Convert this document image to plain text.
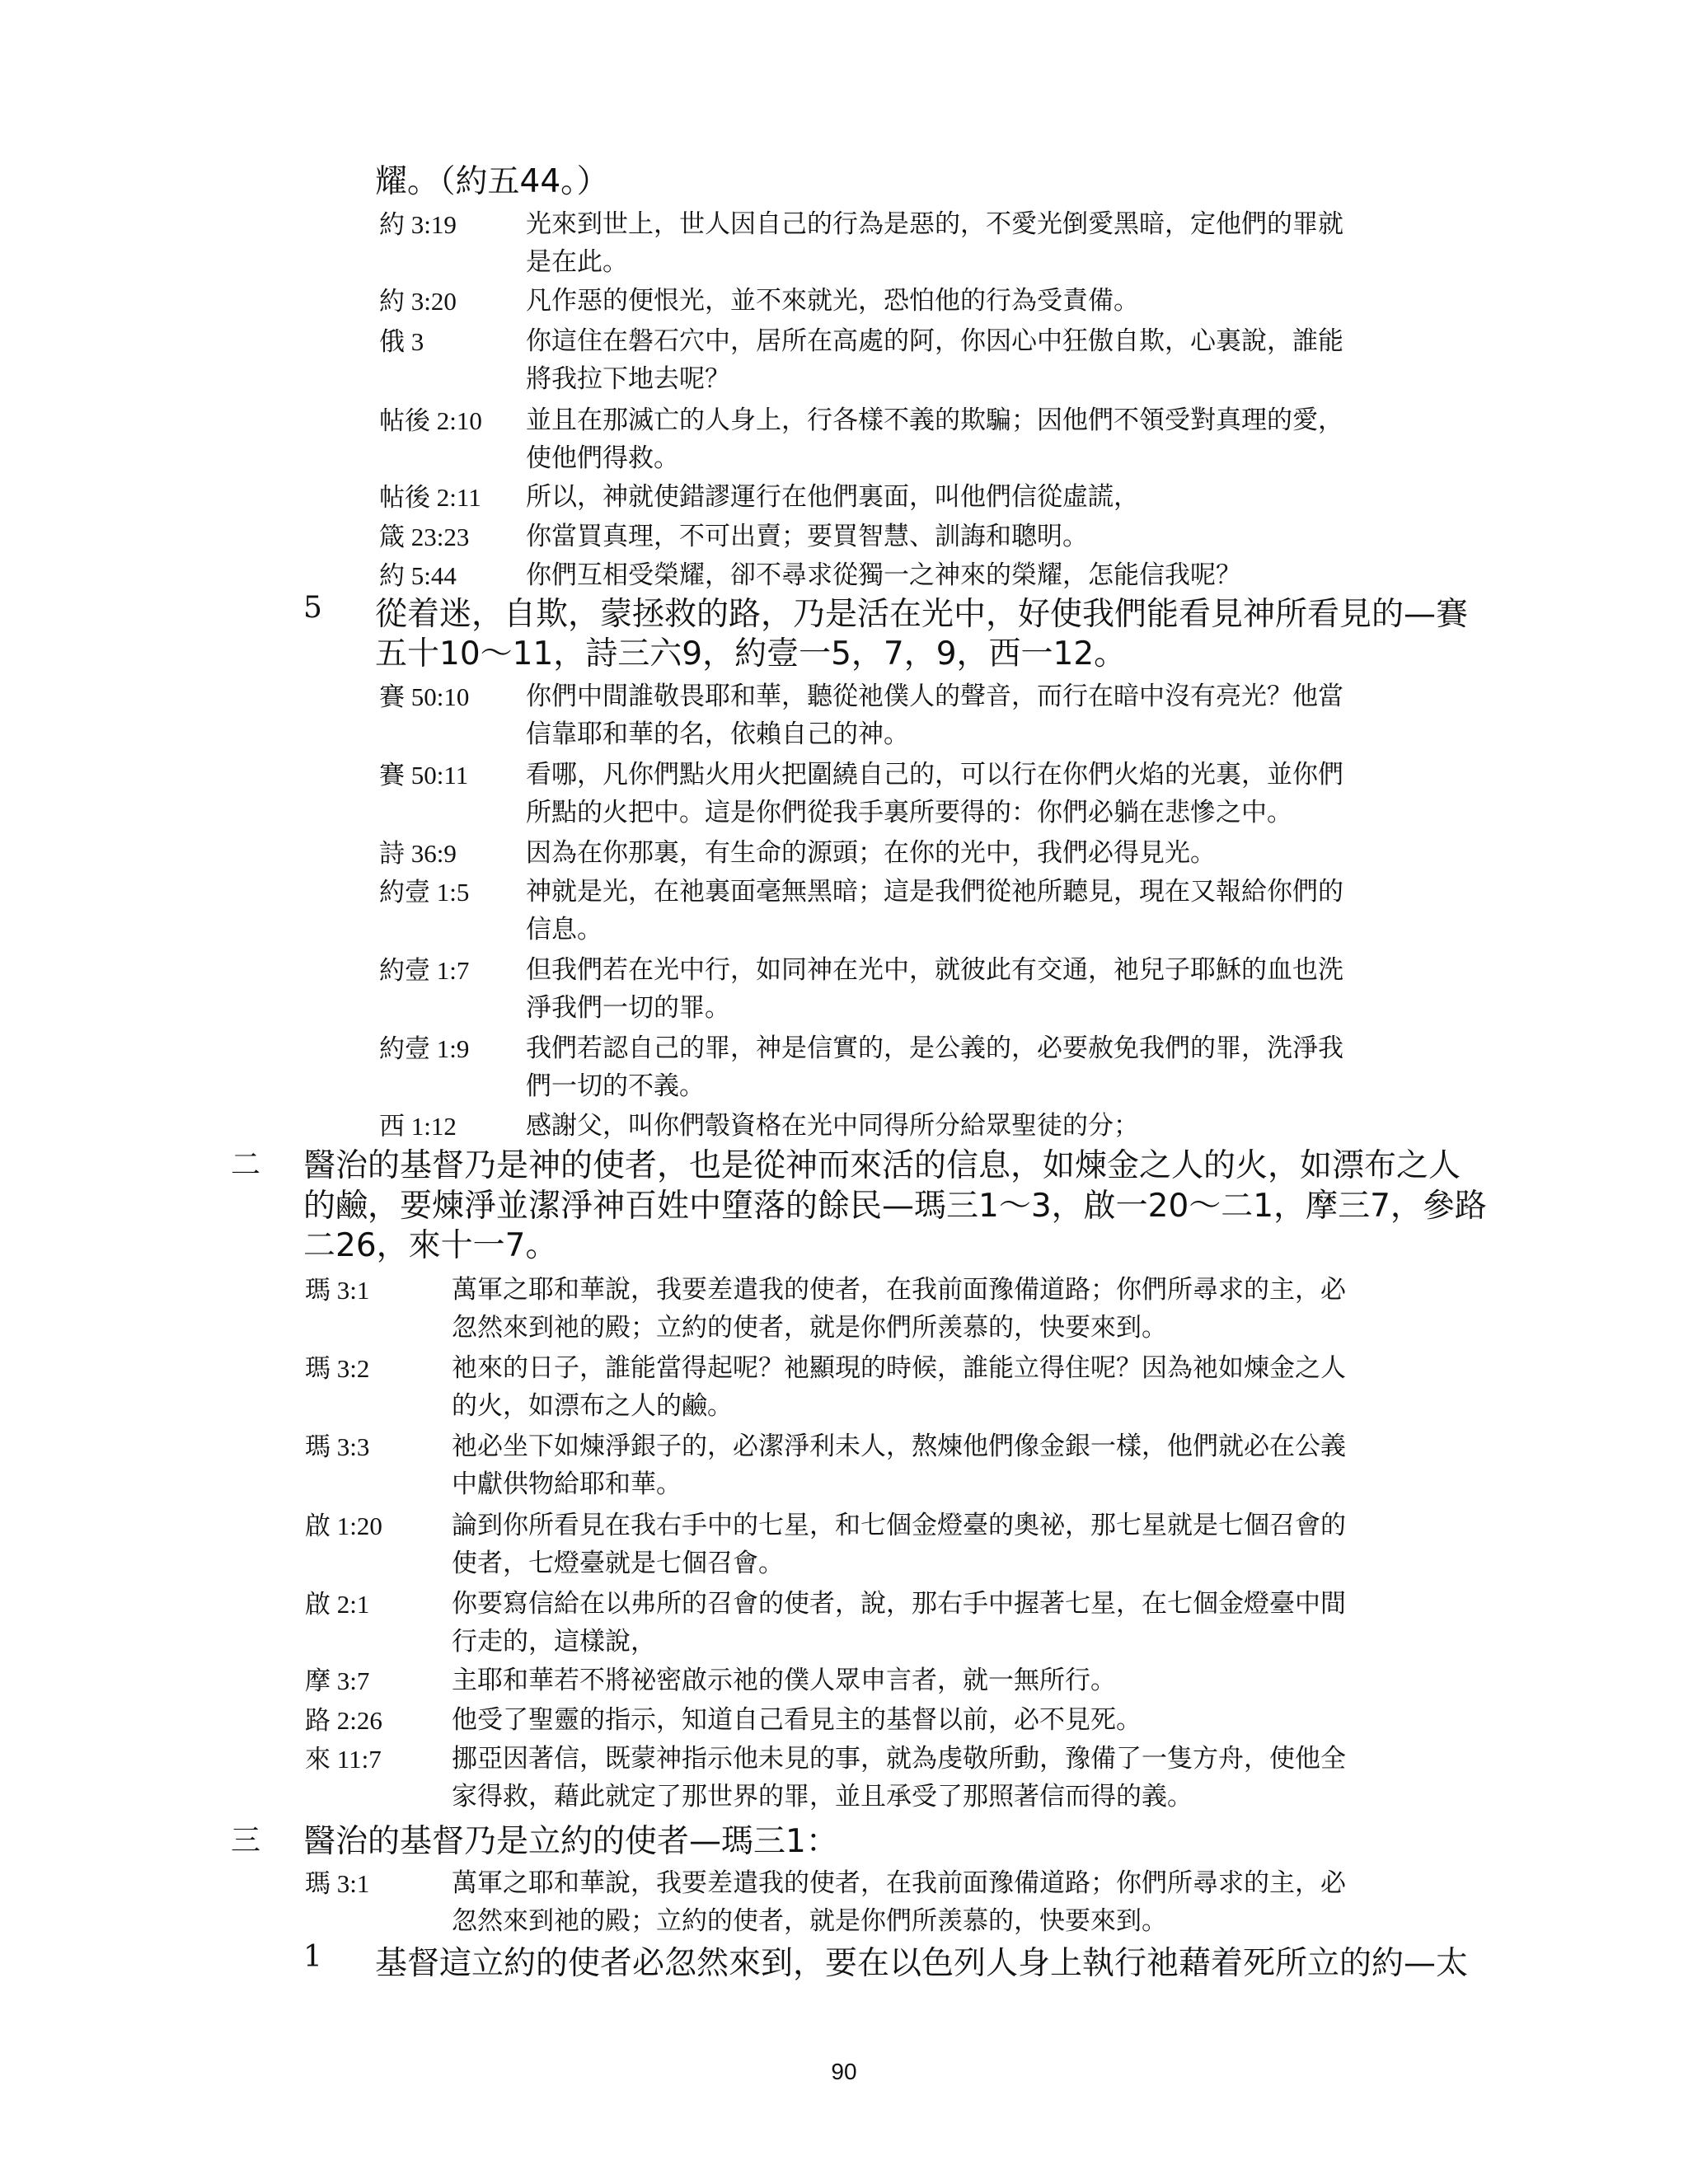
耀。（約五44。）
約 3:19	光來到世上，世人因自己的行為是惡的，不愛光倒愛黑暗，定他們的罪就
是在此。
約 3:20	凡作惡的便恨光，並不來就光，恐怕他的行為受責備。
俄 3	你這住在磐石穴中，居所在高處的阿，你因心中狂傲自欺，心裏說，誰能
將我拉下地去呢？
帖後 2:10 並且在那滅亡的人身上，行各樣不義的欺騙；因他們不領受對真理的愛，
使他們得救。
帖後 2:11 所以，神就使錯謬運行在他們裏面，叫他們信從虛謊，
箴 23:23 你當買真理，不可出賣；要買智慧、訓誨和聰明。
約 5:44	你們互相受榮耀，卻不尋求從獨一之神來的榮耀，怎能信我呢？
5 從着迷，自欺，蒙拯救的路，乃是活在光中，好使我們能看見神所看見的—賽
五十10～11，詩三六9，約壹一5，7，9，西一12。
賽 50:10 你們中間誰敬畏耶和華，聽從祂僕人的聲音，而行在暗中沒有亮光？他當
信靠耶和華的名，依賴自己的神。
賽 50:11 看哪，凡你們點火用火把圍繞自己的，可以行在你們火焰的光裏，並你們
所點的火把中。這是你們從我手裏所要得的：你們必躺在悲慘之中。
詩 36:9	因為在你那裏，有生命的源頭；在你的光中，我們必得見光。
約壹 1:5 神就是光，在祂裏面毫無黑暗；這是我們從祂所聽見，現在又報給你們的
信息。
約壹 1:7 但我們若在光中行，如同神在光中，就彼此有交通，祂兒子耶穌的血也洗
淨我們一切的罪。
約壹 1:9 我們若認自己的罪，神是信實的，是公義的，必要赦免我們的罪，洗淨我
們一切的不義。
西 1:12	感謝父，叫你們彀資格在光中同得所分給眾聖徒的分；
二 醫治的基督乃是神的使者，也是從神而來活的信息，如煉金之人的火，如漂布之人
的鹼，要煉淨並潔淨神百姓中墮落的餘民—瑪三1～3，啟一20～二1，摩三7，參路
二26，來十一7。
瑪 3:1	萬軍之耶和華說，我要差遣我的使者，在我前面豫備道路；你們所尋求的主，必
忽然來到祂的殿；立約的使者，就是你們所羡慕的，快要來到。
瑪 3:2	祂來的日子，誰能當得起呢？祂顯現的時候，誰能立得住呢？因為祂如煉金之人
的火，如漂布之人的鹼。
瑪 3:3	祂必坐下如煉淨銀子的，必潔淨利未人，熬煉他們像金銀一樣，他們就必在公義
中獻供物給耶和華。
啟 1:20	論到你所看見在我右手中的七星，和七個金燈臺的奧祕，那七星就是七個召會的
使者，七燈臺就是七個召會。
啟 2:1	你要寫信給在以弗所的召會的使者，說，那右手中握著七星，在七個金燈臺中間
行走的，這樣說，
摩 3:7	主耶和華若不將祕密啟示祂的僕人眾申言者，就一無所行。
路 2:26	他受了聖靈的指示，知道自己看見主的基督以前，必不見死。
來 11:7	挪亞因著信，既蒙神指示他未見的事，就為虔敬所動，豫備了一隻方舟，使他全
家得救，藉此就定了那世界的罪，並且承受了那照著信而得的義。
三 醫治的基督乃是立約的使者—瑪三1：
瑪 3:1	萬軍之耶和華說，我要差遣我的使者，在我前面豫備道路；你們所尋求的主，必
忽然來到祂的殿；立約的使者，就是你們所羡慕的，快要來到。
1 基督這立約的使者必忽然來到，要在以色列人身上執行祂藉着死所立的約—太
90
